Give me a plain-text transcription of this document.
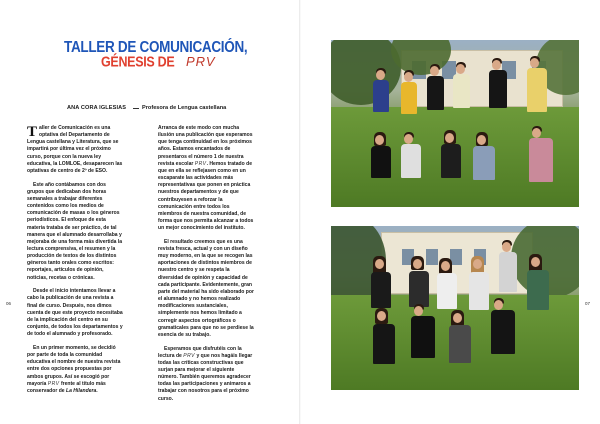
TALLER DE COMUNICACIÓN,
GÉNESIS DE PRV
ANA CORA IGLESIAS	Profesora de Lengua castellana

Taller de Comunicación es una optativa del Departamento de Lengua castellana y Literatura, que se impartirá por última vez el próximo curso, porque con la nueva ley educativa, la LOMLOE, desaparecen las optativas de centro de 2º de ESO.

Este año contábamos con dos grupos que dedicaban dos horas semanales a trabajar diferentes contenidos como los medios de comunicación de masas o los géneros periodísticos. El enfoque de esta materia trataba de ser práctico, de tal manera que el alumnado desarrollaba y mejoraba de una forma más divertida la lectura comprensiva, el resumen y la producción de textos de los distintos géneros tanto orales como escritos: reportajes, artículos de opinión, noticias, recetas o crónicas.

Desde el inicio intentamos llevar a cabo la publicación de una revista a final de curso. Después, nos dimos cuenta de que este proyecto necesitaba de la implicación del centro en su conjunto, de todos los departamentos y de todo el alumnado y profesorado.

En un primer momento, se decidió por parte de toda la comunidad educativa el nombre de nuestra revista entre dos opciones propuestas por ambos grupos. Así se escogió por mayoría PRV frente al título más conservador de La Hilandera.

Arranca de este modo con mucha ilusión una publicación que esperamos que tenga continuidad en los próximos años. Estamos encantados de presentaros el número 1 de nuestra revista escolar PRV. Hemos tratado de que en ella se reflejasen como en un escaparate las actividades más representativas que ponen en práctica nuestros departamentos y de que contribuyesen a reforzar la comunicación entre todos los miembros de nuestra comunidad, de forma que nos permita alcanzar a todos un mejor conocimiento del instituto.

El resultado creemos que es una revista fresca, actual y con un diseño muy moderno, en la que se recogen las aportaciones de distintos miembros de nuestro centro y se respeta la diversidad de opinión y capacidad de cada participante. Evidentemente, gran parte del material ha sido elaborado por el alumnado y no hemos realizado modificaciones sustanciales, simplemente nos hemos limitado a corregir aspectos ortográficos o gramaticales para que no se perdiese la esencia de su trabajo.

Esperamos que disfrutéis con la lectura de PRV y que nos hagáis llegar todas las críticas constructivas que surjan para mejorar el siguiente número. También queremos agradecer todas las participaciones y animaros a trabajar con nosotros para el próximo curso.

06	07
